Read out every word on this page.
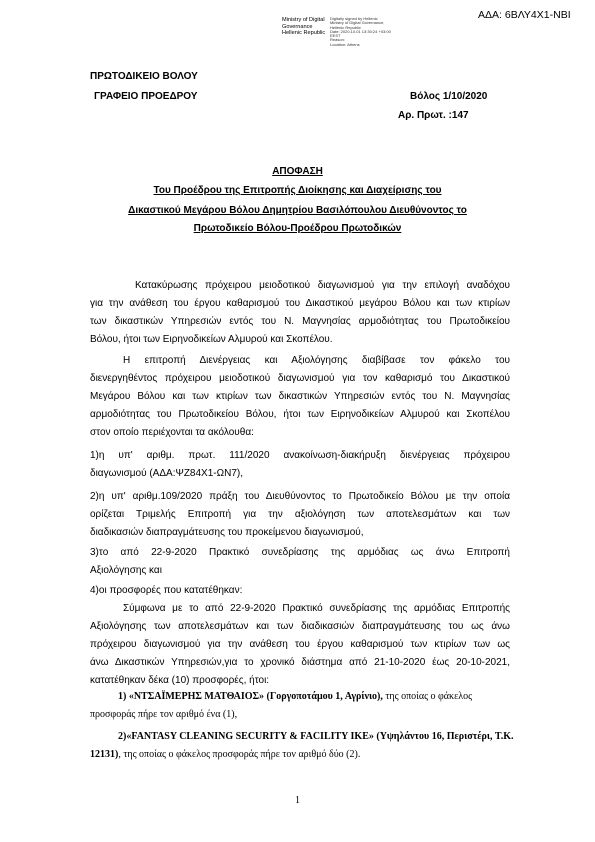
ΑΔΑ: 6ΒΛΥ4Χ1-ΝΒΙ
Ministry of Digital
Governance
Hellenic Republic
Digitally signed by Hellenic
Ministry of Digital Governance,
Hellenic Republic
Date: 2020.10.01 13:30:24 +03:00
EEST
Reason:
Location: Athens
ΠΡΩΤΟΔΙΚΕΙΟ ΒΟΛΟΥ
ΓΡΑΦΕΙΟ ΠΡΟΕΔΡΟΥ	Βόλος 1/10/2020
Αρ. Πρωτ. :147
ΑΠΟΦΑΣΗ
Του Προέδρου της Επιτροπής Διοίκησης και Διαχείρισης του
Δικαστικού Μεγάρου Βόλου Δημητρίου Βασιλόπουλου Διευθύνοντος το
Πρωτοδικείο Βόλου-Προέδρου Πρωτοδικών
Κατακύρωσης πρόχειρου μειοδοτικού διαγωνισμού για την επιλογή αναδόχου
για την ανάθεση του έργου καθαρισμού του Δικαστικού μεγάρου Βόλου και των κτιρίων
των δικαστικών Υπηρεσιών εντός του Ν. Μαγνησίας αρμοδιότητας του Πρωτοδικείου
Βόλου, ήτοι των Ειρηνοδικείων Αλμυρού και Σκοπέλου.
Η επιτροπή Διενέργειας και Αξιολόγησης διαβίβασε τον φάκελο του
διενεργηθέντος πρόχειρου μειοδοτικού διαγωνισμού για τον καθαρισμό του Δικαστικού
Μεγάρου Βόλου και των κτιρίων των δικαστικών Υπηρεσιών εντός του Ν. Μαγνησίας
αρμοδιότητας του Πρωτοδικείου Βόλου, ήτοι των Ειρηνοδικείων Αλμυρού και Σκοπέλου
στον οποίο περιέχονται τα ακόλουθα:
1)η υπ' αριθμ. πρωτ. 111/2020 ανακοίνωση-διακήρυξη διενέργειας πρόχειρου
διαγωνισμού (ΑΔΑ:ΨΖ84Χ1-ΩΝ7),
2)η υπ' αριθμ.109/2020 πράξη του Διευθύνοντος το Πρωτοδικείο Βόλου με την οποία
ορίζεται Τριμελής Επιτροπή για την αξιολόγηση των αποτελεσμάτων και των
διαδικασιών διαπραγμάτευσης του προκείμενου διαγωνισμού,
3)το από 22-9-2020 Πρακτικό συνεδρίασης της αρμόδιας ως άνω Επιτροπή
Αξιολόγησης και
4)οι προσφορές που κατατέθηκαν:
Σύμφωνα με το από 22-9-2020 Πρακτικό συνεδρίασης της αρμόδιας Επιτροπής
Αξιολόγησης των αποτελεσμάτων και των διαδικασιών διαπραγμάτευσης του ως άνω
πρόχειρου διαγωνισμού για την ανάθεση του έργου καθαρισμού των κτιρίων των ως
άνω Δικαστικών Υπηρεσιών,για το χρονικό διάστημα από 21-10-2020 έως 20-10-2021,
κατατέθηκαν δέκα (10) προσφορές, ήτοι:
1) «ΝΤΣΑΪΜΕΡΗΣ ΜΑΤΘΑΙΟΣ» (Γοργοποτάμου 1, Αγρίνιο), της οποίας ο φάκελος
προσφοράς πήρε τον αριθμό ένα (1),
2)«FANTASY CLEANING SECURITY & FACILITY IKE» (Υψηλάντου 16, Περιστέρι, Τ.Κ.
12131), της οποίας ο φάκελος προσφοράς πήρε τον αριθμό δύο (2).
1
